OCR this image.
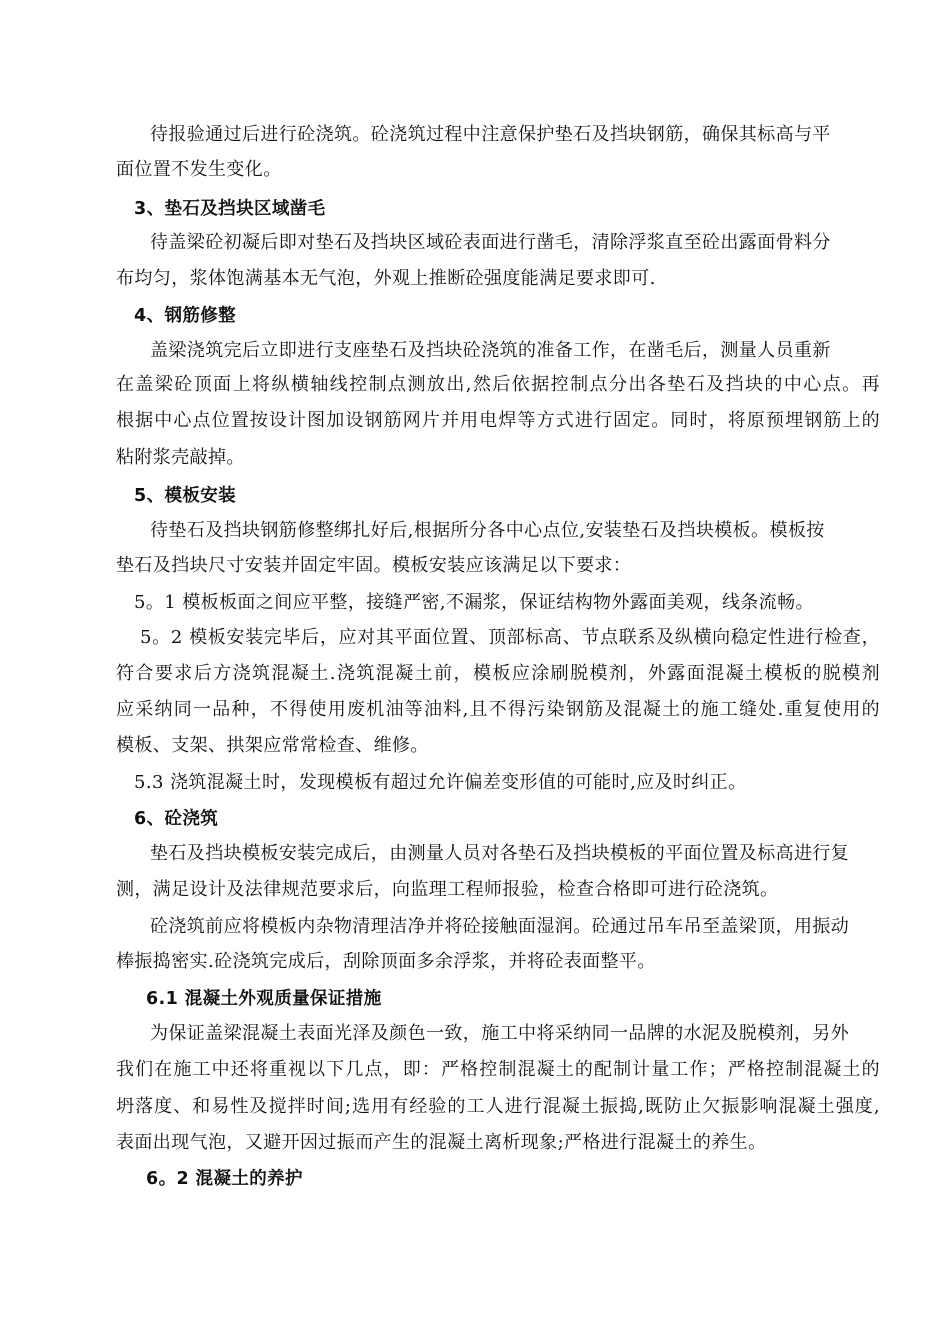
待报验通过后进行砼浇筑。砼浇筑过程中注意保护垫石及挡块钢筋，确保其标高与平
面位置不发生变化。
3、垫石及挡块区域凿毛
待盖梁砼初凝后即对垫石及挡块区域砼表面进行凿毛，清除浮浆直至砼出露面骨料分
布均匀，浆体饱满基本无气泡，外观上推断砼强度能满足要求即可.
4、钢筋修整
盖梁浇筑完后立即进行支座垫石及挡块砼浇筑的准备工作，在凿毛后，测量人员重新
在盖梁砼顶面上将纵横轴线控制点测放出,然后依据控制点分出各垫石及挡块的中心点。再
根据中心点位置按设计图加设钢筋网片并用电焊等方式进行固定。同时，将原预埋钢筋上的
粘附浆壳敲掉。
5、模板安装
待垫石及挡块钢筋修整绑扎好后,根据所分各中心点位,安装垫石及挡块模板。模板按
垫石及挡块尺寸安装并固定牢固。模板安装应该满足以下要求：
5。1 模板板面之间应平整，接缝严密,不漏浆，保证结构物外露面美观，线条流畅。
5。2 模板安装完毕后，应对其平面位置、顶部标高、节点联系及纵横向稳定性进行检查，
符合要求后方浇筑混凝土.浇筑混凝土前，模板应涂刷脱模剂，外露面混凝土模板的脱模剂
应采纳同一品种，不得使用废机油等油料,且不得污染钢筋及混凝土的施工缝处.重复使用的
模板、支架、拱架应常常检查、维修。
5.3 浇筑混凝土时，发现模板有超过允许偏差变形值的可能时,应及时纠正。
6、砼浇筑
垫石及挡块模板安装完成后，由测量人员对各垫石及挡块模板的平面位置及标高进行复
测，满足设计及法律规范要求后，向监理工程师报验，检查合格即可进行砼浇筑。
砼浇筑前应将模板内杂物清理洁净并将砼接触面湿润。砼通过吊车吊至盖梁顶，用振动
棒振捣密实.砼浇筑完成后，刮除顶面多余浮浆，并将砼表面整平。
6.1 混凝土外观质量保证措施
为保证盖梁混凝土表面光泽及颜色一致，施工中将采纳同一品牌的水泥及脱模剂，另外
我们在施工中还将重视以下几点，即：严格控制混凝土的配制计量工作；严格控制混凝土的
坍落度、和易性及搅拌时间;选用有经验的工人进行混凝土振捣,既防止欠振影响混凝土强度,
表面出现气泡，又避开因过振而产生的混凝土离析现象;严格进行混凝土的养生。
6。2 混凝土的养护
